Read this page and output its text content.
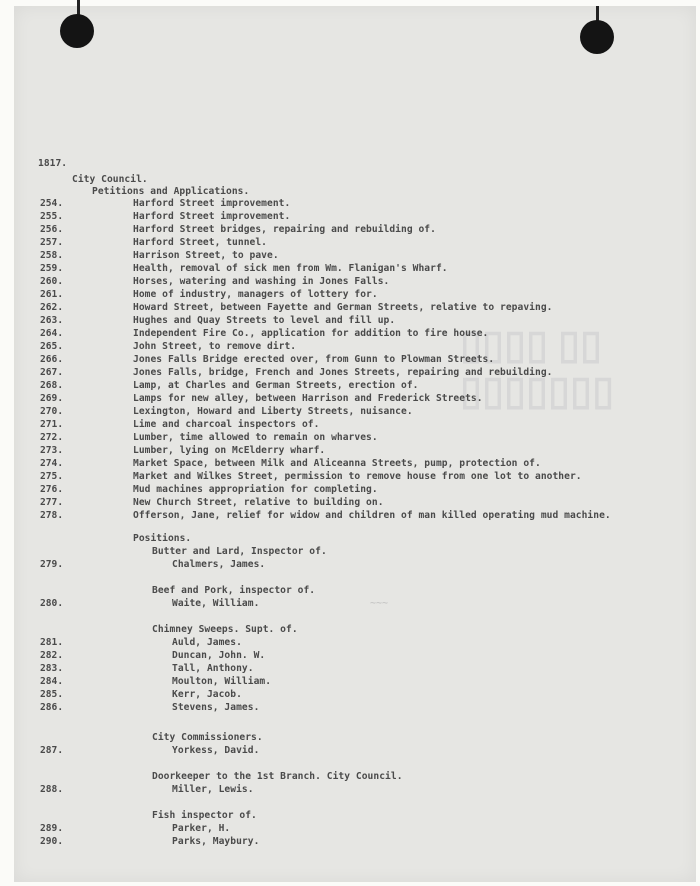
▯▯▯▯ ▯▯
▯▯▯▯▯▯▯
~~~
1817.
City Council.
Petitions and Applications.
254.	Harford Street improvement.
255.	Harford Street improvement.
256.	Harford Street bridges, repairing and rebuilding of.
257.	Harford Street, tunnel.
258.	Harrison Street, to pave.
259.	Health, removal of sick men from Wm. Flanigan's Wharf.
260.	Horses, watering and washing in Jones Falls.
261.	Home of industry, managers of lottery for.
262.	Howard Street, between Fayette and German Streets, relative to repaving.
263.	Hughes and Quay Streets to level and fill up.
264.	Independent Fire Co., application for addition to fire house.
265.	John Street, to remove dirt.
266.	Jones Falls Bridge erected over, from Gunn to Plowman Streets.
267.	Jones Falls, bridge, French and Jones Streets, repairing and rebuilding.
268.	Lamp, at Charles and German Streets, erection of.
269.	Lamps for new alley, between Harrison and Frederick Streets.
270.	Lexington, Howard and Liberty Streets, nuisance.
271.	Lime and charcoal inspectors of.
272.	Lumber, time allowed to remain on wharves.
273.	Lumber, lying on McElderry wharf.
274.	Market Space, between Milk and Aliceanna Streets, pump, protection of.
275.	Market and Wilkes Street, permission to remove house from one lot to another.
276.	Mud machines appropriation for completing.
277.	New Church Street, relative to building on.
278.	Offerson, Jane, relief for widow and children of man killed operating mud machine.
Positions.
Butter and Lard, Inspector of.
279.	Chalmers, James.
Beef and Pork, inspector of.
280.	Waite, William.
Chimney Sweeps. Supt. of.
281.	Auld, James.
282.	Duncan, John. W.
283.	Tall, Anthony.
284.	Moulton, William.
285.	Kerr, Jacob.
286.	Stevens, James.
City Commissioners.
287.	Yorkess, David.
Doorkeeper to the 1st Branch. City Council.
288.	Miller, Lewis.
Fish inspector of.
289.	Parker, H.
290.	Parks, Maybury.
